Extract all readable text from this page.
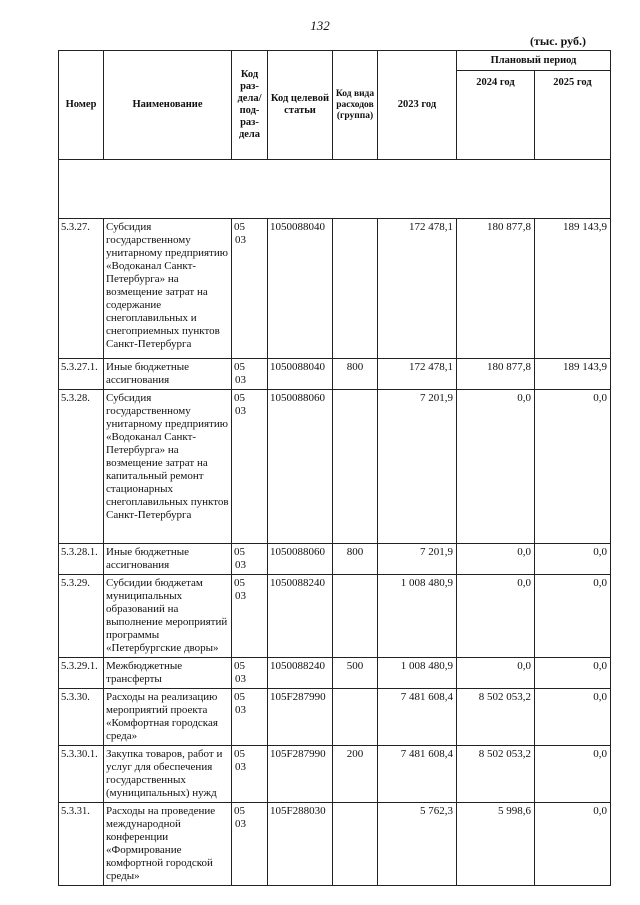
132
(тыс. руб.)
Номер	Наименование	Код раз- дела/ под- раз- дела	Код целевой статьи	Код вида расходов (группа)	2023 год	Плановый период	
						2024 год	2025 год

5.3.27.	Субсидия государственному унитарному предприятию «Водоканал Санкт-Петербурга» на возмещение затрат на содержание снегоплавильных и снегоприемных пунктов Санкт-Петербурга	0503	1050088040		172 478,1	180 877,8	189 143,9
5.3.27.1.	Иные бюджетные ассигнования	0503	1050088040	800	172 478,1	180 877,8	189 143,9
5.3.28.	Субсидия государственному унитарному предприятию «Водоканал Санкт-Петербурга» на возмещение затрат на капитальный ремонт стационарных снегоплавильных пунктов Санкт-Петербурга	0503	1050088060		7 201,9	0,0	0,0
5.3.28.1.	Иные бюджетные ассигнования	0503	1050088060	800	7 201,9	0,0	0,0
5.3.29.	Субсидии бюджетам муниципальных образований на выполнение мероприятий программы «Петербургские дворы»	0503	1050088240		1 008 480,9	0,0	0,0
5.3.29.1.	Межбюджетные трансферты	0503	1050088240	500	1 008 480,9	0,0	0,0
5.3.30.	Расходы на реализацию мероприятий проекта «Комфортная городская среда»	0503	105F287990		7 481 608,4	8 502 053,2	0,0
5.3.30.1.	Закупка товаров, работ и услуг для обеспечения государственных (муниципальных) нужд	0503	105F287990	200	7 481 608,4	8 502 053,2	0,0
5.3.31.	Расходы на проведение международной конференции «Формирование комфортной городской среды»	0503	105F288030		5 762,3	5 998,6	0,0
